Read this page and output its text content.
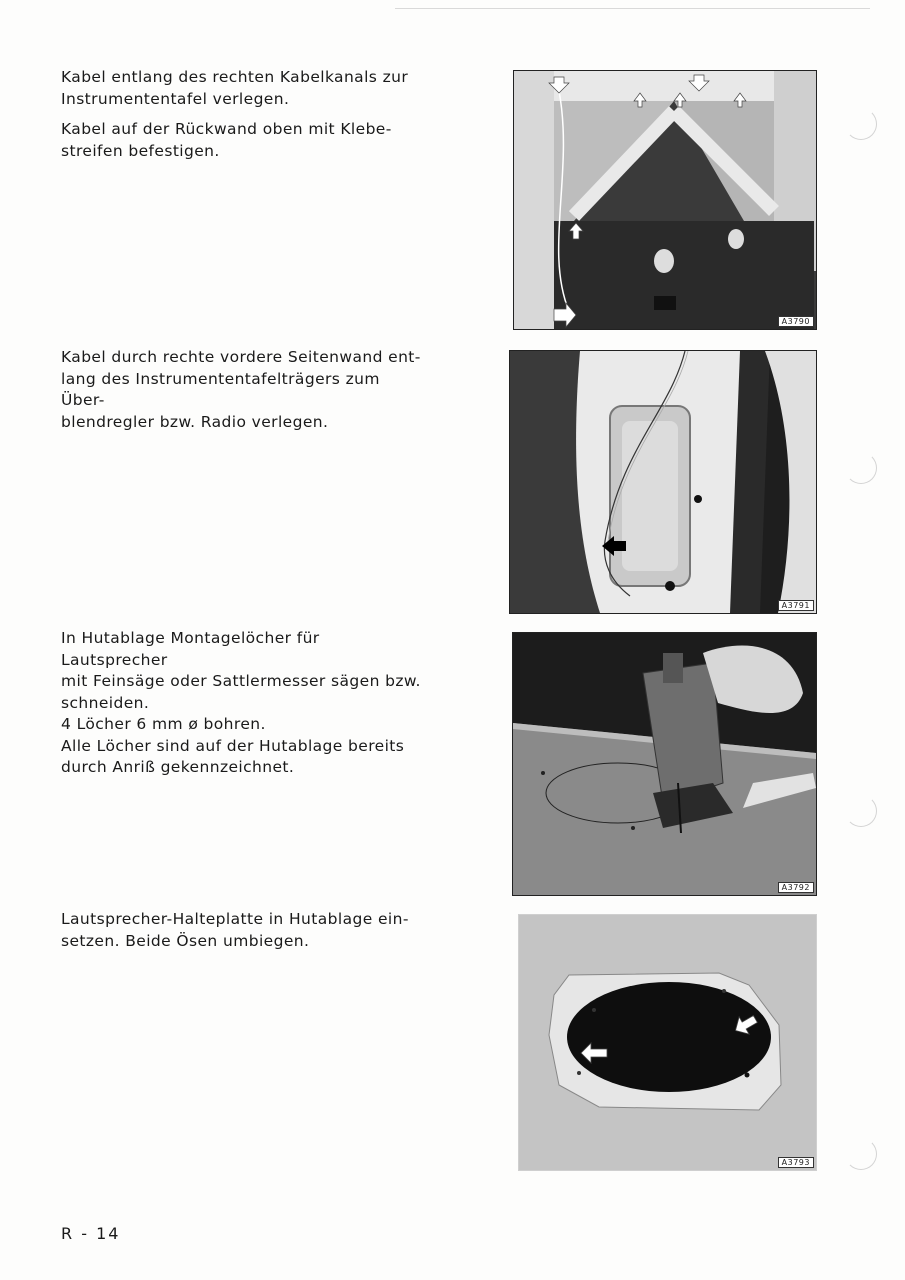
Kabel entlang des rechten Kabelkanals zur
Instrumententafel verlegen.

Kabel auf der Rückwand oben mit Klebe-
streifen befestigen.

A3790

Kabel durch rechte vordere Seitenwand ent-
lang des Instrumententafelträgers zum Über-
blendregler bzw. Radio verlegen.

A3791

In Hutablage Montagelöcher für Lautsprecher
mit Feinsäge oder Sattlermesser sägen bzw.
schneiden.
4 Löcher 6 mm ø bohren.
Alle Löcher sind auf der Hutablage bereits
durch Anriß gekennzeichnet.

A3792

Lautsprecher-Halteplatte in Hutablage ein-
setzen. Beide Ösen umbiegen.

A3793
R - 14
